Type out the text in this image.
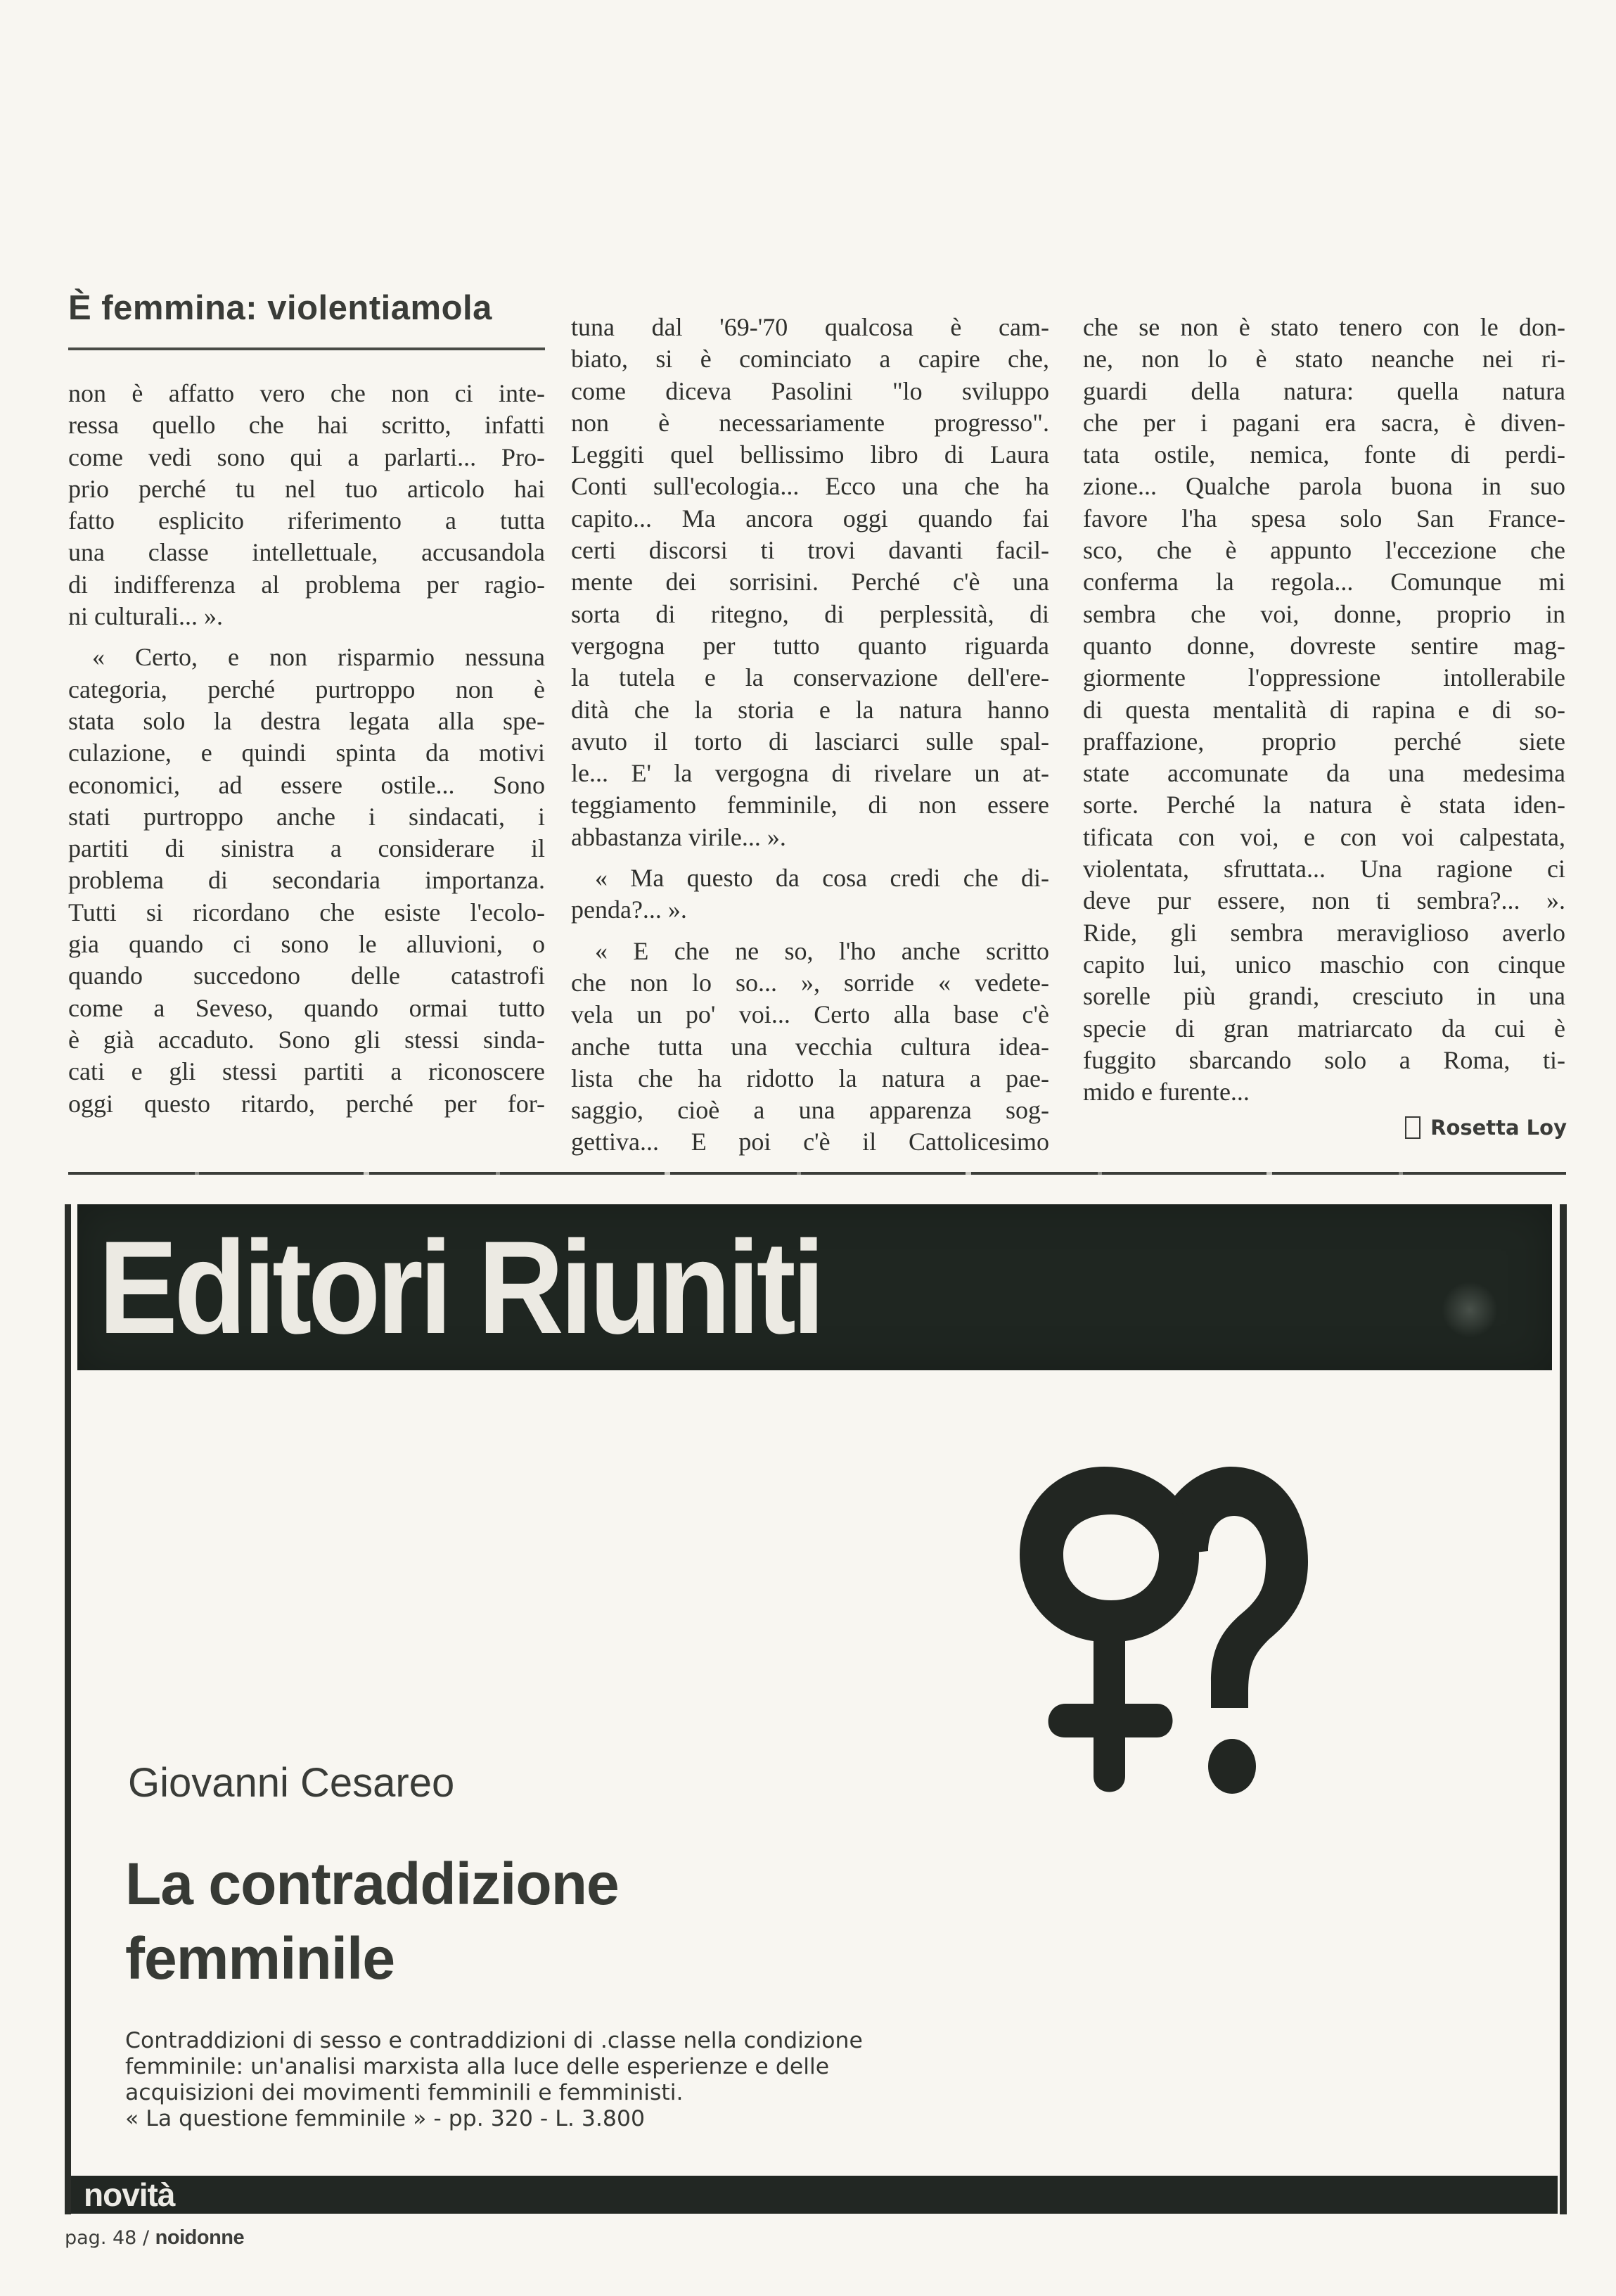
È femmina: violentiamola
non è affatto vero che non ci inte-
ressa quello che hai scritto, infatti
come vedi sono qui a parlarti... Pro-
prio perché tu nel tuo articolo hai
fatto esplicito riferimento a tutta
una classe intellettuale, accusandola
di indifferenza al problema per ragio-
ni culturali... ».
« Certo, e non risparmio nessuna
categoria, perché purtroppo non è
stata solo la destra legata alla spe-
culazione, e quindi spinta da motivi
economici, ad essere ostile... Sono
stati purtroppo anche i sindacati, i
partiti di sinistra a considerare il
problema di secondaria importanza.
Tutti si ricordano che esiste l'ecolo-
gia quando ci sono le alluvioni, o
quando succedono delle catastrofi
come a Seveso, quando ormai tutto
è già accaduto. Sono gli stessi sinda-
cati e gli stessi partiti a riconoscere
oggi questo ritardo, perché per for-
tuna dal '69-'70 qualcosa è cam-
biato, si è cominciato a capire che,
come diceva Pasolini "lo sviluppo
non è necessariamente progresso".
Leggiti quel bellissimo libro di Laura
Conti sull'ecologia... Ecco una che ha
capito... Ma ancora oggi quando fai
certi discorsi ti trovi davanti facil-
mente dei sorrisini. Perché c'è una
sorta di ritegno, di perplessità, di
vergogna per tutto quanto riguarda
la tutela e la conservazione dell'ere-
dità che la storia e la natura hanno
avuto il torto di lasciarci sulle spal-
le... E' la vergogna di rivelare un at-
teggiamento femminile, di non essere
abbastanza virile... ».
« Ma questo da cosa credi che di-
penda?... ».
« E che ne so, l'ho anche scritto
che non lo so... », sorride « vedete-
vela un po' voi... Certo alla base c'è
anche tutta una vecchia cultura idea-
lista che ha ridotto la natura a pae-
saggio, cioè a una apparenza sog-
gettiva... E poi c'è il Cattolicesimo
che se non è stato tenero con le don-
ne, non lo è stato neanche nei ri-
guardi della natura: quella natura
che per i pagani era sacra, è diven-
tata ostile, nemica, fonte di perdi-
zione... Qualche parola buona in suo
favore l'ha spesa solo San France-
sco, che è appunto l'eccezione che
conferma la regola... Comunque mi
sembra che voi, donne, proprio in
quanto donne, dovreste sentire mag-
giormente l'oppressione intollerabile
di questa mentalità di rapina e di so-
praffazione, proprio perché siete
state accomunate da una medesima
sorte. Perché la natura è stata iden-
tificata con voi, e con voi calpestata,
violentata, sfruttata... Una ragione ci
deve pur essere, non ti sembra?... ».
Ride, gli sembra meraviglioso averlo
capito lui, unico maschio con cinque
sorelle più grandi, cresciuto in una
specie di gran matriarcato da cui è
fuggito sbarcando solo a Roma, ti-
mido e furente...
Rosetta Loy
Editori Riuniti
Giovanni Cesareo
La contraddizione
femminile
Contraddizioni di sesso e contraddizioni di .classe nella condizione
femminile: un'analisi marxista alla luce delle esperienze e delle
acquisizioni dei movimenti femminili e femministi.
« La questione femminile » - pp. 320 - L. 3.800
novità
pag. 48 / noidonne
